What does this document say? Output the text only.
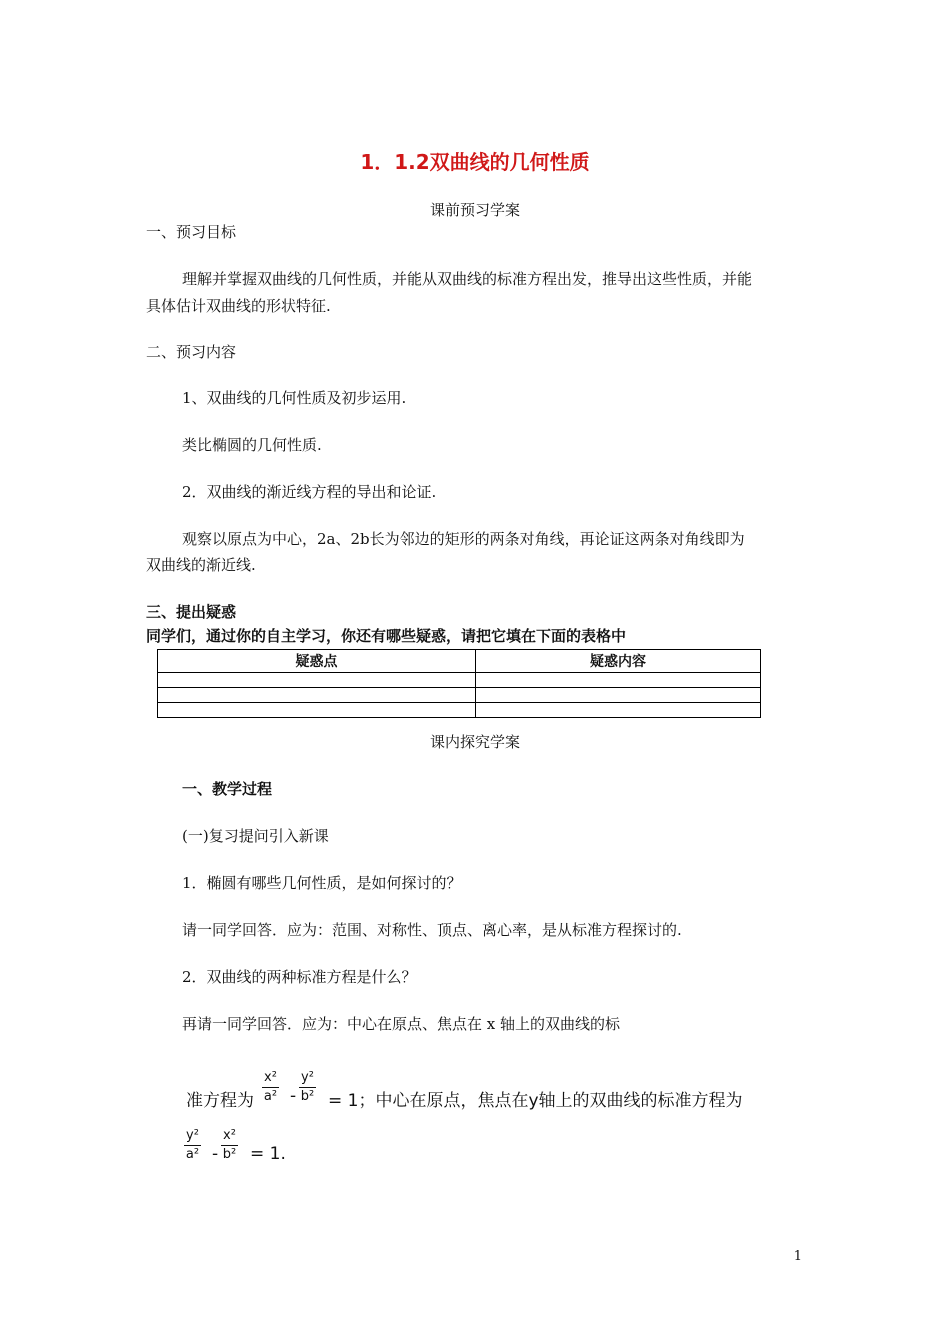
1．1.2双曲线的几何性质
课前预习学案
一、预习目标
理解并掌握双曲线的几何性质，并能从双曲线的标准方程出发，推导出这些性质，并能
具体估计双曲线的形状特征.
二、预习内容
1、双曲线的几何性质及初步运用.
类比椭圆的几何性质.
2．双曲线的渐近线方程的导出和论证.
观察以原点为中心，2a、2b长为邻边的矩形的两条对角线，再论证这两条对角线即为
双曲线的渐近线.
三、提出疑惑
同学们，通过你的自主学习，你还有哪些疑惑，请把它填在下面的表格中
疑惑点	疑惑内容

课内探究学案
一、教学过程
(一)复习提问引入新课
1．椭圆有哪些几何性质，是如何探讨的？
请一同学回答．应为：范围、对称性、顶点、离心率，是从标准方程探讨的.
2．双曲线的两种标准方程是什么？
再请一同学回答．应为：中心在原点、焦点在 x 轴上的双曲线的标
准方程为 $\frac{\text{x²}}{\text{a²}} - \frac{\text{y²}}{\text{b²}} = 1$；中心在原点，焦点在y轴上的双曲线的标准方程为
$\frac{\text{y²}}{\text{a²}} - \frac{\text{x²}}{\text{b²}} = 1$.
1
